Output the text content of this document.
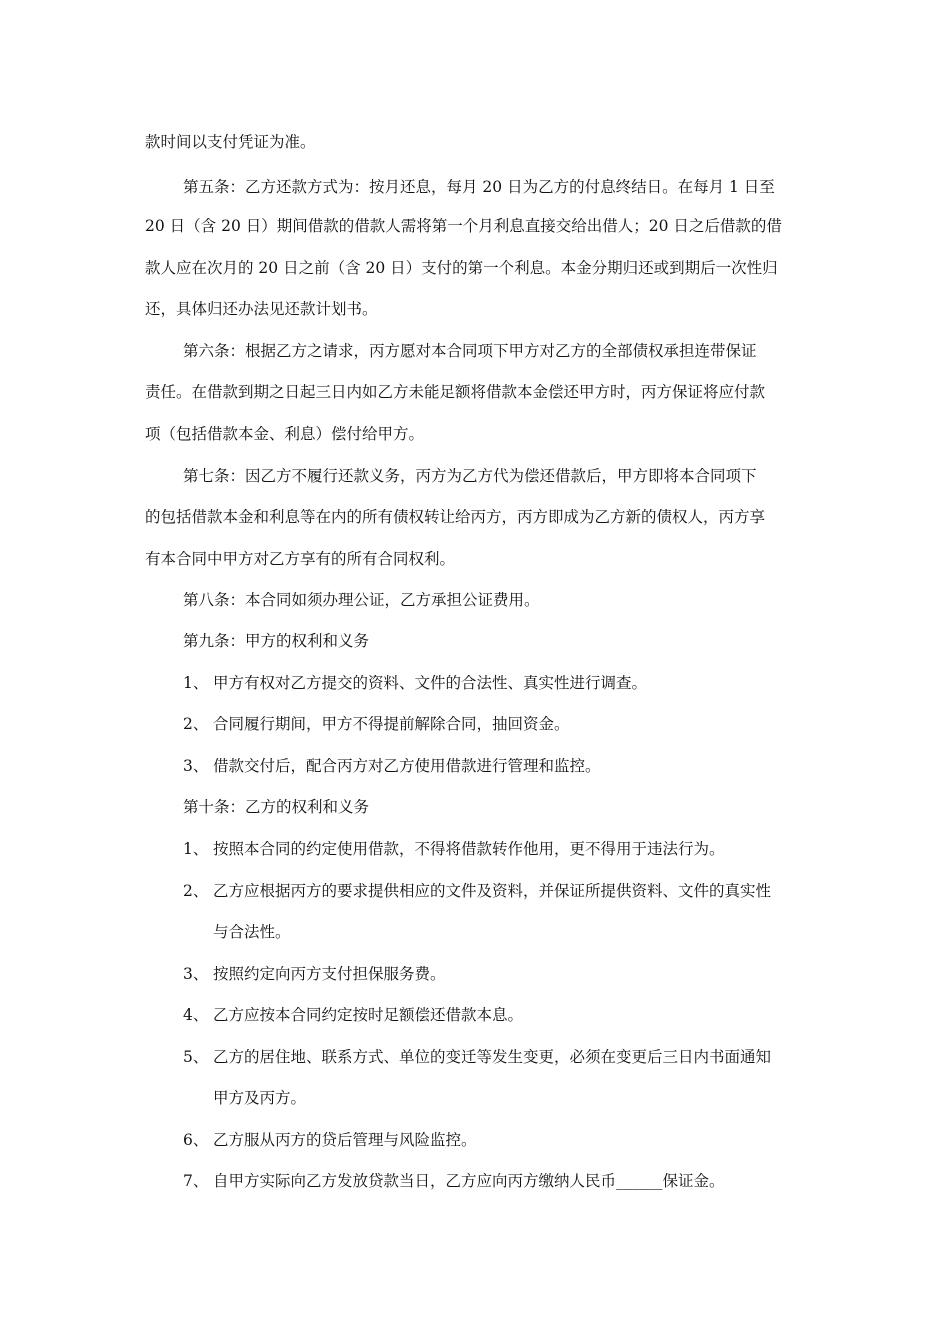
款时间以支付凭证为准。
第五条：乙方还款方式为：按月还息，每月 20 日为乙方的付息终结日。在每月 1 日至
20 日（含 20 日）期间借款的借款人需将第一个月利息直接交给出借人；20 日之后借款的借
款人应在次月的 20 日之前（含 20 日）支付的第一个利息。本金分期归还或到期后一次性归
还，具体归还办法见还款计划书。
第六条：根据乙方之请求，丙方愿对本合同项下甲方对乙方的全部债权承担连带保证
责任。在借款到期之日起三日内如乙方未能足额将借款本金偿还甲方时，丙方保证将应付款
项（包括借款本金、利息）偿付给甲方。
第七条：因乙方不履行还款义务，丙方为乙方代为偿还借款后，甲方即将本合同项下
的包括借款本金和利息等在内的所有债权转让给丙方，丙方即成为乙方新的债权人，丙方享
有本合同中甲方对乙方享有的所有合同权利。
第八条：本合同如须办理公证，乙方承担公证费用。
第九条：甲方的权利和义务
1、 甲方有权对乙方提交的资料、文件的合法性、真实性进行调查。
2、 合同履行期间，甲方不得提前解除合同，抽回资金。
3、 借款交付后，配合丙方对乙方使用借款进行管理和监控。
第十条：乙方的权利和义务
1、 按照本合同的约定使用借款，不得将借款转作他用，更不得用于违法行为。
2、 乙方应根据丙方的要求提供相应的文件及资料，并保证所提供资料、文件的真实性
与合法性。
3、 按照约定向丙方支付担保服务费。
4、 乙方应按本合同约定按时足额偿还借款本息。
5、 乙方的居住地、联系方式、单位的变迁等发生变更，必须在变更后三日内书面通知
甲方及丙方。
6、 乙方服从丙方的贷后管理与风险监控。
7、 自甲方实际向乙方发放贷款当日，乙方应向丙方缴纳人民币______保证金。
